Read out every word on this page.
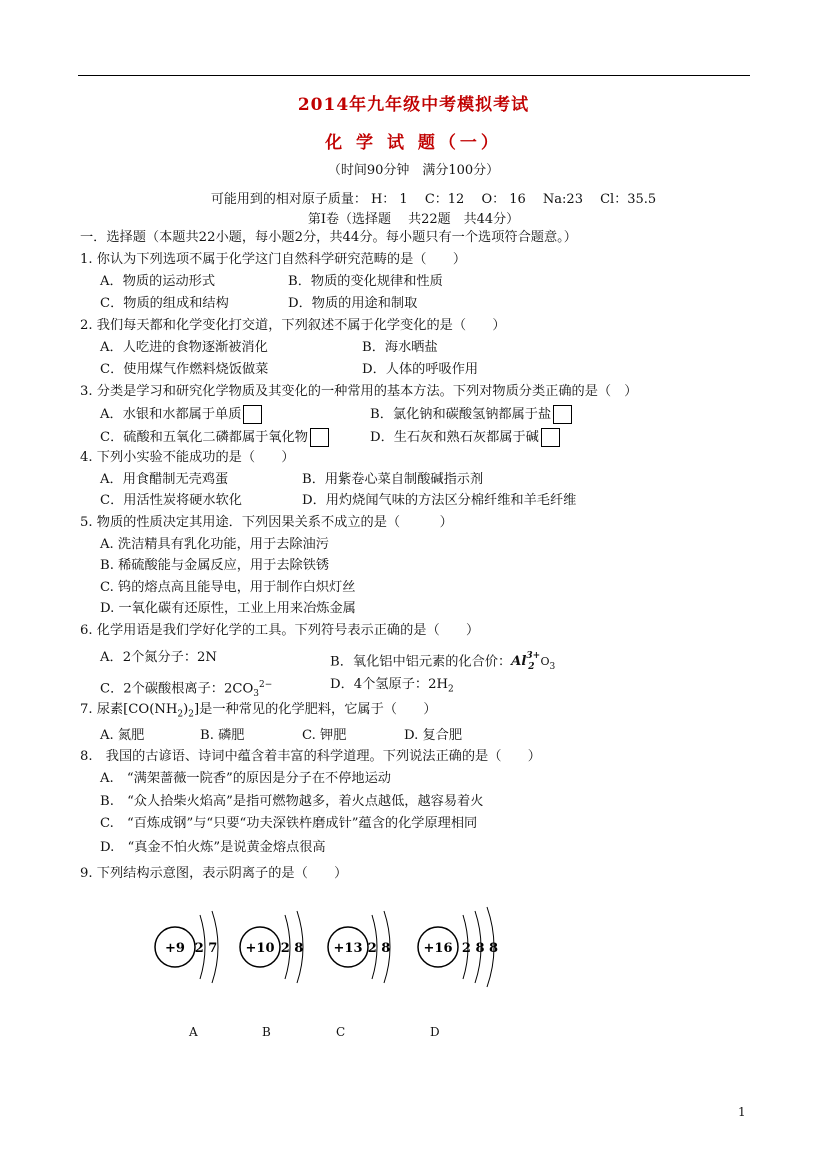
2014年九年级中考模拟考试
化 学 试 题（一）
（时间90分钟　满分100分）
可能用到的相对原子质量： H： 1　 C：12　 O： 16　 Na:23　 Cl：35.5
第Ⅰ卷（选择题　 共22题　共44分）
一．选择题（本题共22小题，每小题2分，共44分。每小题只有一个选项符合题意。）
1. 你认为下列选项不属于化学这门自然科学研究范畴的是（　　）
A．物质的运动形式	B．物质的变化规律和性质
C．物质的组成和结构	D．物质的用途和制取
2. 我们每天都和化学变化打交道，下列叙述不属于化学变化的是（　　）
A．人吃进的食物逐渐被消化	B．海水晒盐
C．使用煤气作燃料烧饭做菜	D．人体的呼吸作用
3. 分类是学习和研究化学物质及其变化的一种常用的基本方法。下列对物质分类正确的是（　）
A．水银和水都属于单质	B．氯化钠和碳酸氢钠都属于盐
C．硫酸和五氧化二磷都属于氧化物	D．生石灰和熟石灰都属于碱
4. 下列小实验不能成功的是（　　）
A．用食醋制无壳鸡蛋	B．用紫卷心菜自制酸碱指示剂
C．用活性炭将硬水软化	D．用灼烧闻气味的方法区分棉纤维和羊毛纤维
5. 物质的性质决定其用途．下列因果关系不成立的是（　　　）
A. 洗洁精具有乳化功能，用于去除油污
B. 稀硫酸能与金属反应，用于去除铁锈
C. 钨的熔点高且能导电，用于制作白炽灯丝
D. 一氧化碳有还原性，工业上用来冶炼金属
6. 化学用语是我们学好化学的工具。下列符号表示正确的是（　　）
A．2个氮分子：2N	B．氧化铝中铝元素的化合价：$Al^{3+}_2$ $O_3$
C．2个碳酸根离子：$2CO_3^{2-}$	D．4个氢原子：$2H_2$
7. 尿素$[CO(NH_2)_2]$是一种常见的化学肥料，它属于（　　）
A. 氮肥	B. 磷肥	C. 钾肥	D. 复合肥
8.　我国的古谚语、诗词中蕴含着丰富的科学道理。下列说法正确的是（　　）
A.　“满架蔷薇一院香”的原因是分子在不停地运动
B.　“众人拾柴火焰高”是指可燃物越多，着火点越低，越容易着火
C.　“百炼成钢”与“只要“功夫深铁杵磨成针”蕴含的化学原理相同
D.　“真金不怕火炼”是说黄金熔点很高
9. 下列结构示意图，表示阴离子的是（　　）
+9 2 7 +10 2 8 +13 2 8	+16 2 8 8
A	B	C	D
1
